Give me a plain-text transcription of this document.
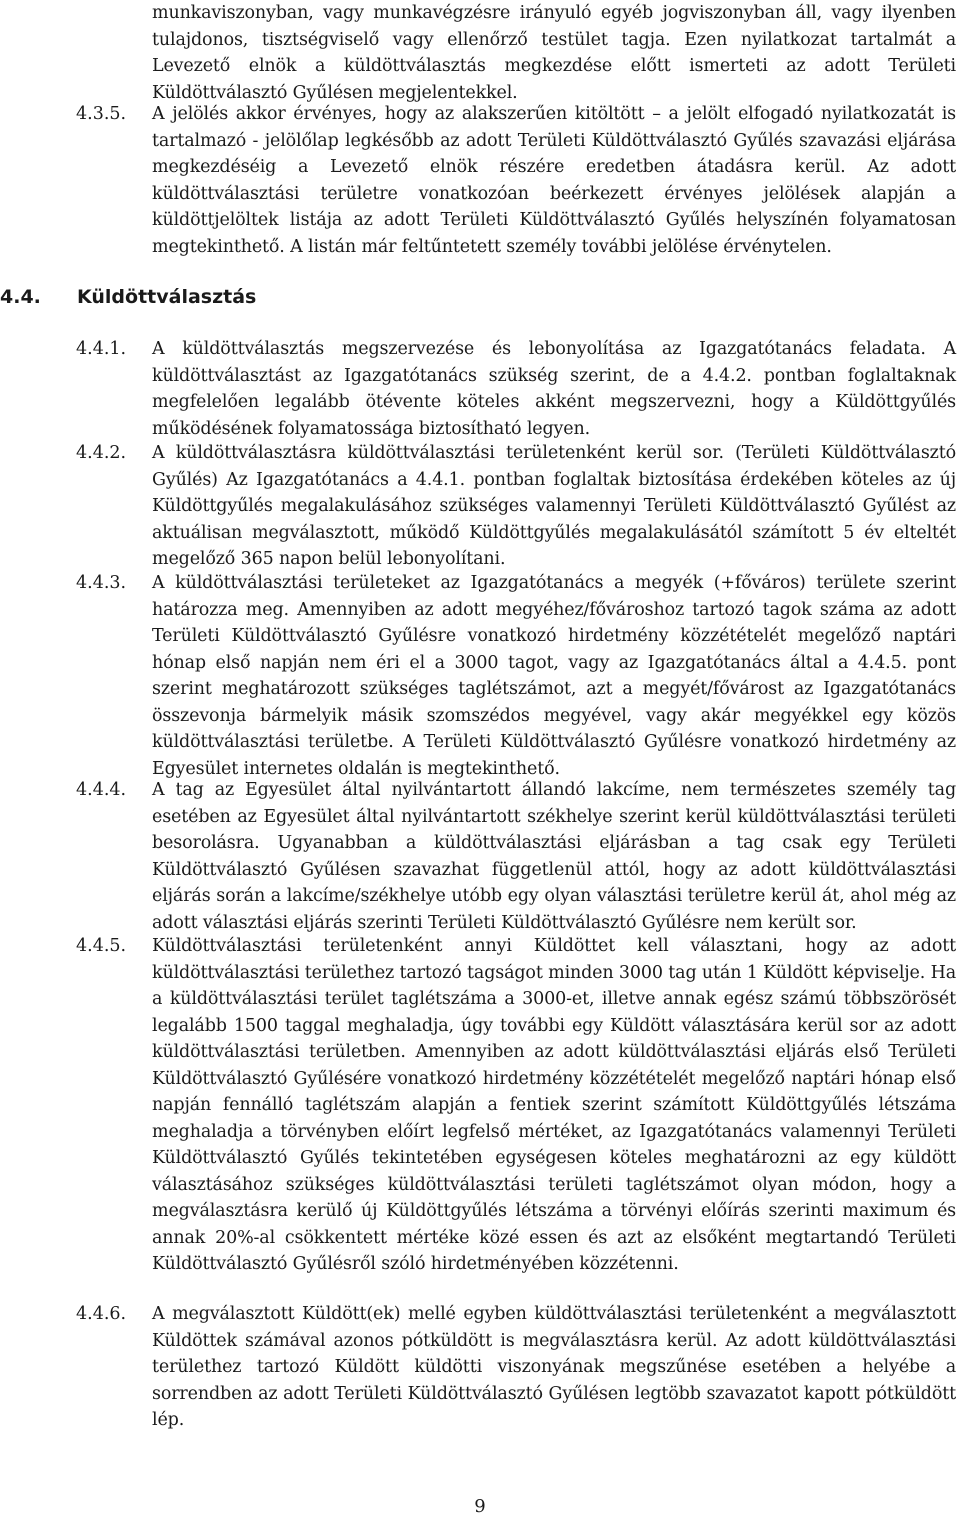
munkaviszonyban, vagy munkavégzésre irányuló egyéb jogviszonyban áll, vagy ilyenben tulajdonos, tisztségviselő vagy ellenőrző testület tagja. Ezen nyilatkozat tartalmát a Levezető elnök a küldöttválasztás megkezdése előtt ismerteti az adott Területi Küldöttválasztó Gyűlésen megjelentekkel.
4.3.5. A jelölés akkor érvényes, hogy az alakszerűen kitöltött – a jelölt elfogadó nyilatkozatát is tartalmazó - jelölőlap legkésőbb az adott Területi Küldöttválasztó Gyűlés szavazási eljárása megkezdéséig a Levezető elnök részére eredetben átadásra kerül. Az adott küldöttválasztási területre vonatkozóan beérkezett érvényes jelölések alapján a küldöttjelöltek listája az adott Területi Küldöttválasztó Gyűlés helyszínén folyamatosan megtekinthető. A listán már feltűntetett személy további jelölése érvénytelen.
4.4. Küldöttválasztás
4.4.1. A küldöttválasztás megszervezése és lebonyolítása az Igazgatótanács feladata. A küldöttválasztást az Igazgatótanács szükség szerint, de a 4.4.2. pontban foglaltaknak megfelelően legalább ötévente köteles akként megszervezni, hogy a Küldöttgyűlés működésének folyamatossága biztosítható legyen.
4.4.2. A küldöttválasztásra küldöttválasztási területenként kerül sor. (Területi Küldöttválasztó Gyűlés) Az Igazgatótanács a 4.4.1. pontban foglaltak biztosítása érdekében köteles az új Küldöttgyűlés megalakulásához szükséges valamennyi Területi Küldöttválasztó Gyűlést az aktuálisan megválasztott, működő Küldöttgyűlés megalakulásától számított 5 év elteltét megelőző 365 napon belül lebonyolítani.
4.4.3. A küldöttválasztási területeket az Igazgatótanács a megyék (+főváros) területe szerint határozza meg. Amennyiben az adott megyéhez/fővároshoz tartozó tagok száma az adott Területi Küldöttválasztó Gyűlésre vonatkozó hirdetmény közzétételét megelőző naptári hónap első napján nem éri el a 3000 tagot, vagy az Igazgatótanács által a 4.4.5. pont szerint meghatározott szükséges taglétszámot, azt a megyét/fővárost az Igazgatótanács összevonja bármelyik másik szomszédos megyével, vagy akár megyékkel egy közös küldöttválasztási területbe. A Területi Küldöttválasztó Gyűlésre vonatkozó hirdetmény az Egyesület internetes oldalán is megtekinthető.
4.4.4. A tag az Egyesület által nyilvántartott állandó lakcíme, nem természetes személy tag esetében az Egyesület által nyilvántartott székhelye szerint kerül küldöttválasztási területi besorolásra. Ugyanabban a küldöttválasztási eljárásban a tag csak egy Területi Küldöttválasztó Gyűlésen szavazhat függetlenül attól, hogy az adott küldöttválasztási eljárás során a lakcíme/székhelye utóbb egy olyan választási területre kerül át, ahol még az adott választási eljárás szerinti Területi Küldöttválasztó Gyűlésre nem került sor.
4.4.5. Küldöttválasztási területenként annyi Küldöttet kell választani, hogy az adott küldöttválasztási területhez tartozó tagságot minden 3000 tag után 1 Küldött képviselje. Ha a küldöttválasztási terület taglétszáma a 3000-et, illetve annak egész számú többszörösét legalább 1500 taggal meghaladja, úgy további egy Küldött választására kerül sor az adott küldöttválasztási területben. Amennyiben az adott küldöttválasztási eljárás első Területi Küldöttválasztó Gyűlésére vonatkozó hirdetmény közzétételét megelőző naptári hónap első napján fennálló taglétszám alapján a fentiek szerint számított Küldöttgyűlés létszáma meghaladja a törvényben előírt legfelső mértéket, az Igazgatótanács valamennyi Területi Küldöttválasztó Gyűlés tekintetében egységesen köteles meghatározni az egy küldött választásához szükséges küldöttválasztási területi taglétszámot olyan módon, hogy a megválasztásra kerülő új Küldöttgyűlés létszáma a törvényi előírás szerinti maximum és annak 20%-al csökkentett mértéke közé essen és azt az elsőként megtartandó Területi Küldöttválasztó Gyűlésről szóló hirdetményében közzétenni.
4.4.6. A megválasztott Küldött(ek) mellé egyben küldöttválasztási területenként a megválasztott Küldöttek számával azonos pótküldött is megválasztásra kerül. Az adott küldöttválasztási területhez tartozó Küldött küldötti viszonyának megszűnése esetében a helyébe a sorrendben az adott Területi Küldöttválasztó Gyűlésen legtöbb szavazatot kapott pótküldött lép.
9
